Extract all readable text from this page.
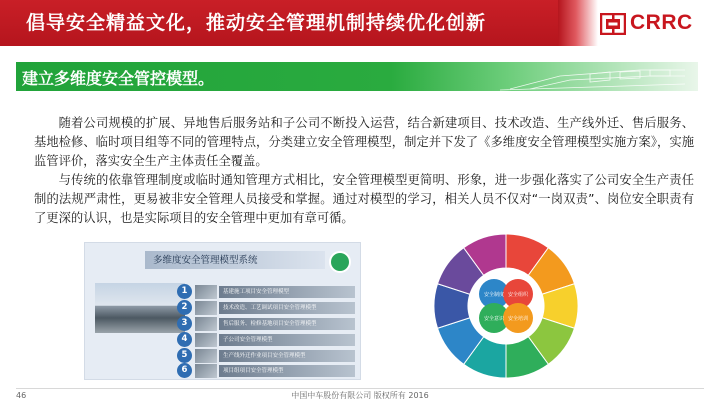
倡导安全精益文化，推动安全管理机制持续优化创新	CRRC
建立多维度安全管控模型。

随着公司规模的扩展、异地售后服务站和子公司不断投入运营，结合新建项目、技术改造、生产线外迁、售后服务、基地检修、临时项目组等不同的管理特点，分类建立安全管理模型，制定并下发了《多维度安全管理模型实施方案》，实施监管评价，落实安全生产主体责任全覆盖。

与传统的依靠管理制度或临时通知管理方式相比，安全管理模型更简明、形象，进一步强化落实了公司安全生产责任制的法规严肃性，更易被非安全管理人员接受和掌握。通过对模型的学习，相关人员不仅对“一岗双责”、岗位安全职责有了更深的认识，也是实际项目的安全管理中更加有章可循。

多维度安全管理模型系统
1	基建施工项目安全管理模型
2	技术改造、工艺调试项目安全管理模型
3	售后服务、检修基地项目安全管理模型
4	子公司安全管理模型
5	生产线外迁作业项目安全管理模型
6	项目组项目安全管理模型
安全制度 安全组织
安全意识 安全培训
46	中国中车股份有限公司 版权所有 2016
